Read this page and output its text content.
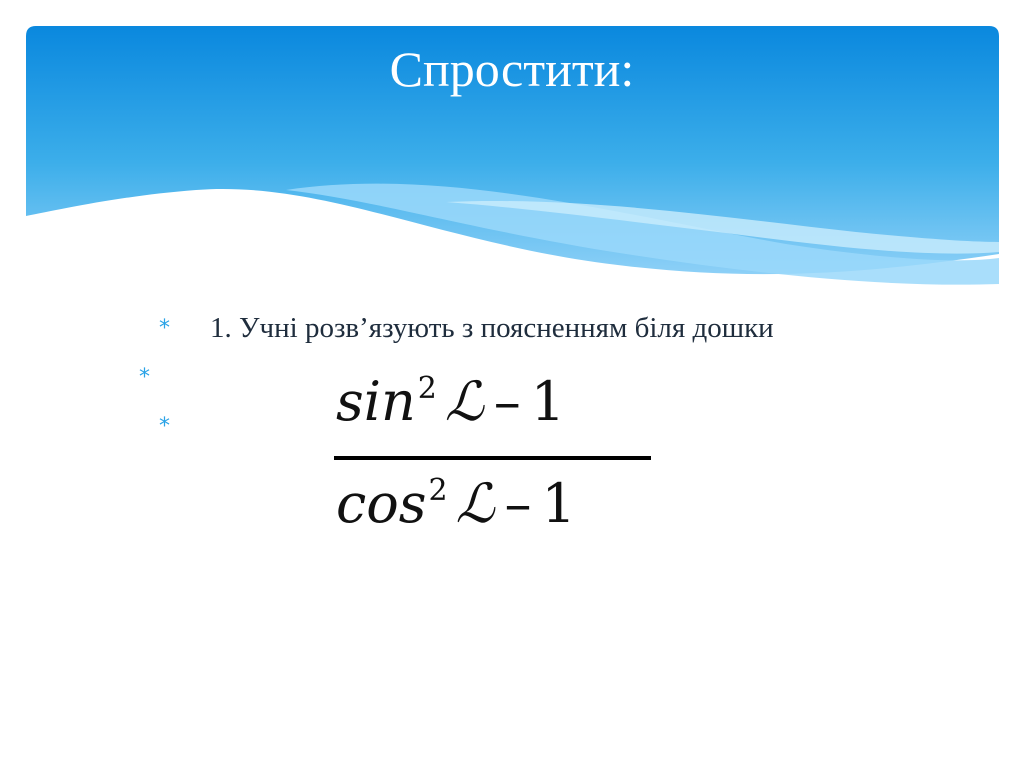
Спростити:
*
*
*
1. Учні розв’язують з поясненням біля дошки
$\sin^2$ ℒ – 1
$\cos^2$ ℒ – 1
